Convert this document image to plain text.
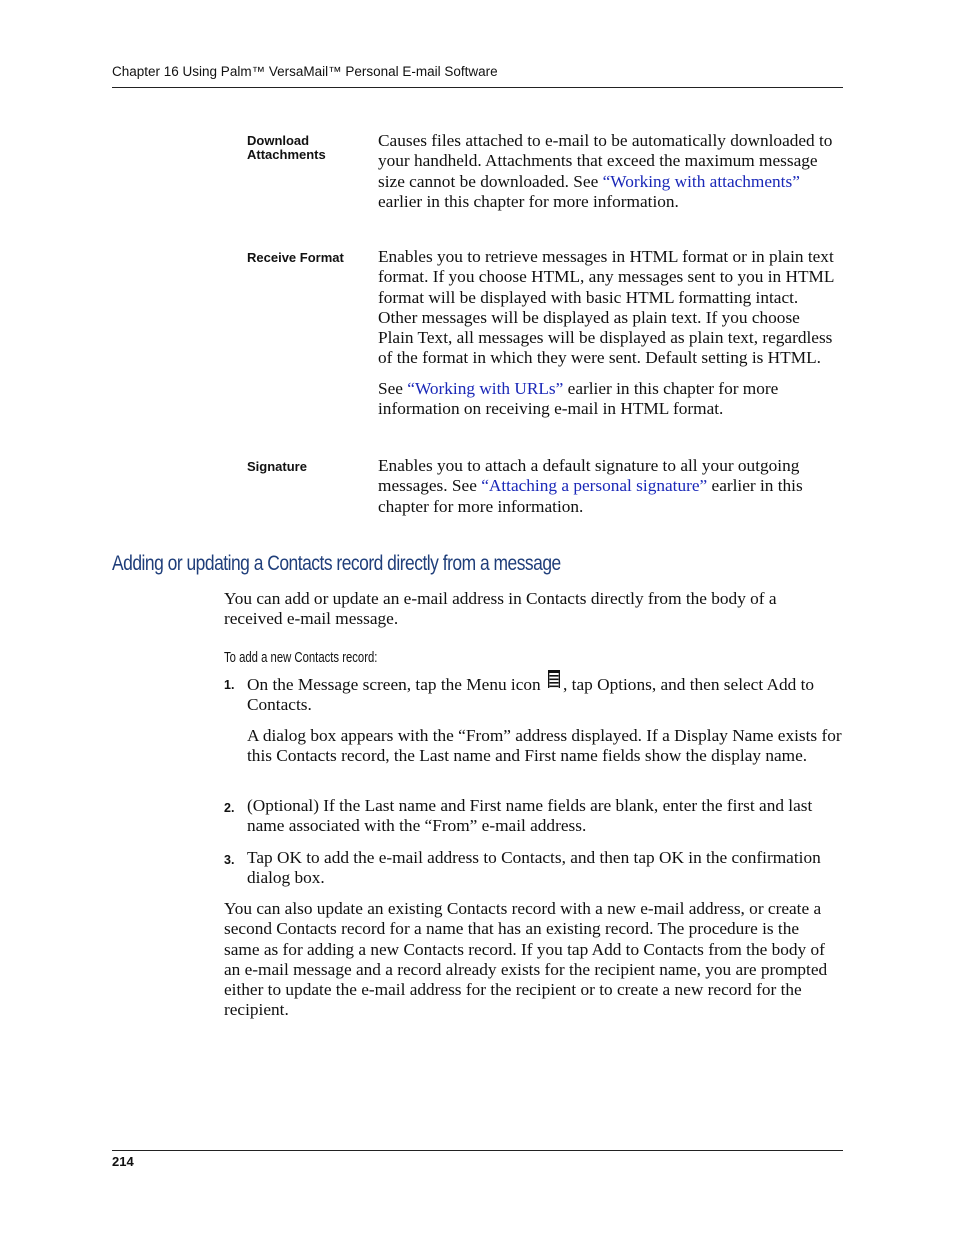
Chapter 16 Using Palm™ VersaMail™ Personal E-mail Software
Download
Attachments

Causes files attached to e-mail to be automatically downloaded to your handheld. Attachments that exceed the maximum message size cannot be downloaded. See “Working with attachments” earlier in this chapter for more information.

Receive Format	Enables you to retrieve messages in HTML format or in plain text format. If you choose HTML, any messages sent to you in HTML format will be displayed with basic HTML formatting intact. Other messages will be displayed as plain text. If you choose Plain Text, all messages will be displayed as plain text, regardless of the format in which they were sent. Default setting is HTML.

See “Working with URLs” earlier in this chapter for more information on receiving e-mail in HTML format.

Signature	Enables you to attach a default signature to all your outgoing messages. See “Attaching a personal signature” earlier in this chapter for more information.

Adding or updating a Contacts record directly from a message

You can add or update an e-mail address in Contacts directly from the body of a received e-mail message.

To add a new Contacts record:
1. On the Message screen, tap the Menu icon
, tap Options, and then select Add to Contacts.

A dialog box appears with the “From” address displayed. If a Display Name exists for this Contacts record, the Last name and First name fields show the display name.

2. (Optional) If the Last name and First name fields are blank, enter the first and last name associated with the “From” e-mail address.

3. Tap OK to add the e-mail address to Contacts, and then tap OK in the confirmation dialog box.

You can also update an existing Contacts record with a new e-mail address, or create a second Contacts record for a name that has an existing record. The procedure is the same as for adding a new Contacts record. If you tap Add to Contacts from the body of an e-mail message and a record already exists for the recipient name, you are prompted either to update the e-mail address for the recipient or to create a new record for the recipient.

214
